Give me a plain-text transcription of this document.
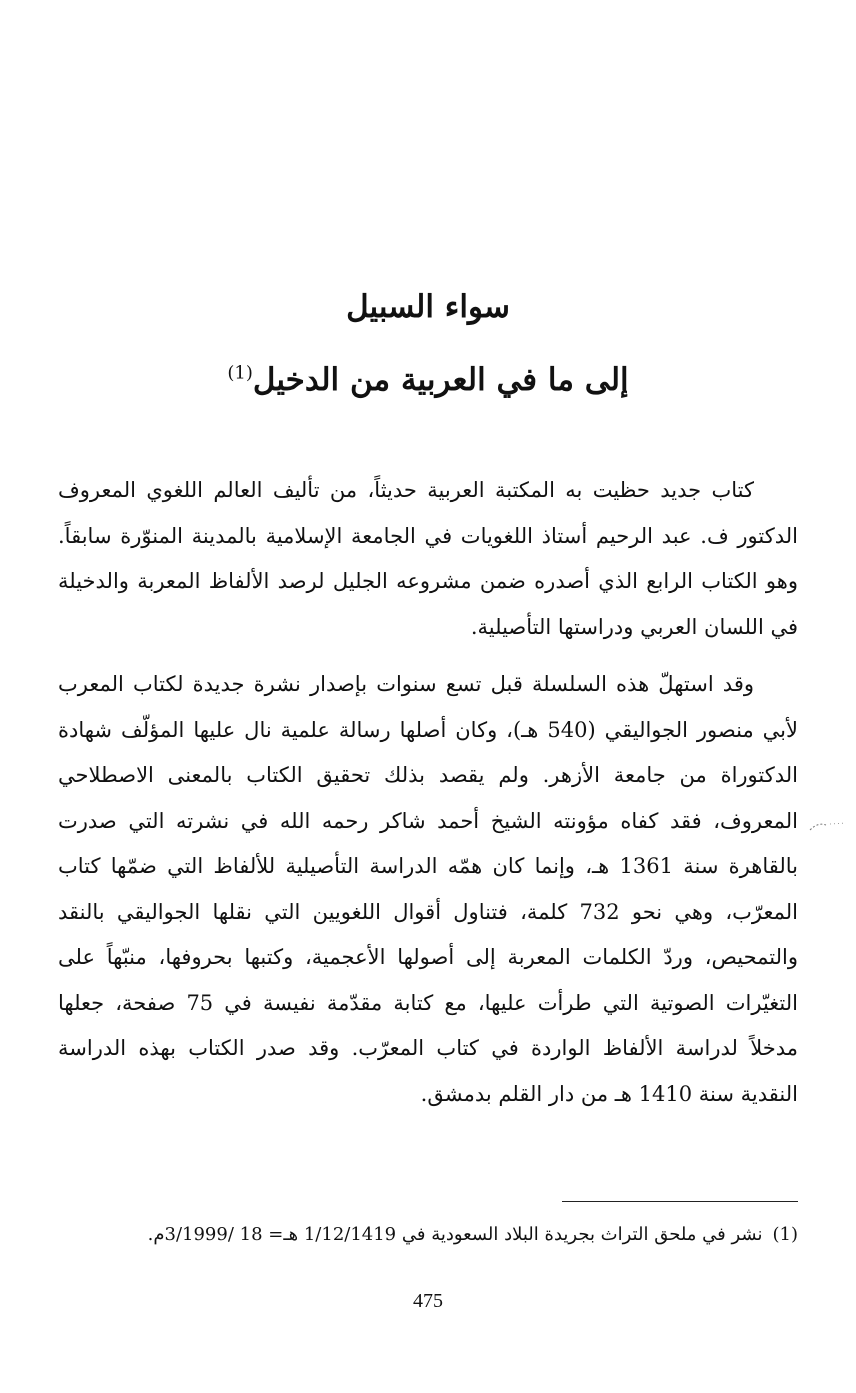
سواء السبيل
إلى ما في العربية من الدخيل$^{(1)}$

كتاب جديد حظيت به المكتبة العربية حديثاً، من تأليف العالم اللغوي المعروف الدكتور ف. عبد الرحيم أستاذ اللغويات في الجامعة الإسلامية بالمدينة المنوّرة سابقاً. وهو الكتاب الرابع الذي أصدره ضمن مشروعه الجليل لرصد الألفاظ المعربة والدخيلة في اللسان العربي ودراستها التأصيلية.

وقد استهلّ هذه السلسلة قبل تسع سنوات بإصدار نشرة جديدة لكتاب المعرب لأبي منصور الجواليقي (540 هـ)، وكان أصلها رسالة علمية نال عليها المؤلّف شهادة الدكتوراة من جامعة الأزهر. ولم يقصد بذلك تحقيق الكتاب بالمعنى الاصطلاحي المعروف، فقد كفاه مؤونته الشيخ أحمد شاكر رحمه الله في نشرته التي صدرت بالقاهرة سنة 1361 هـ، وإنما كان همّه الدراسة التأصيلية للألفاظ التي ضمّها كتاب المعرّب، وهي نحو 732 كلمة، فتناول أقوال اللغويين التي نقلها الجواليقي بالنقد والتمحيص، وردّ الكلمات المعربة إلى أصولها الأعجمية، وكتبها بحروفها، منبّهاً على التغيّرات الصوتية التي طرأت عليها، مع كتابة مقدّمة نفيسة في 75 صفحة، جعلها مدخلاً لدراسة الألفاظ الواردة في كتاب المعرّب. وقد صدر الكتاب بهذه الدراسة النقدية سنة 1410 هـ من دار القلم بدمشق.

(1)نشر في ملحق التراث بجريدة البلاد السعودية في 1/12/1419 هـ= 18 /3/1999م.

475
